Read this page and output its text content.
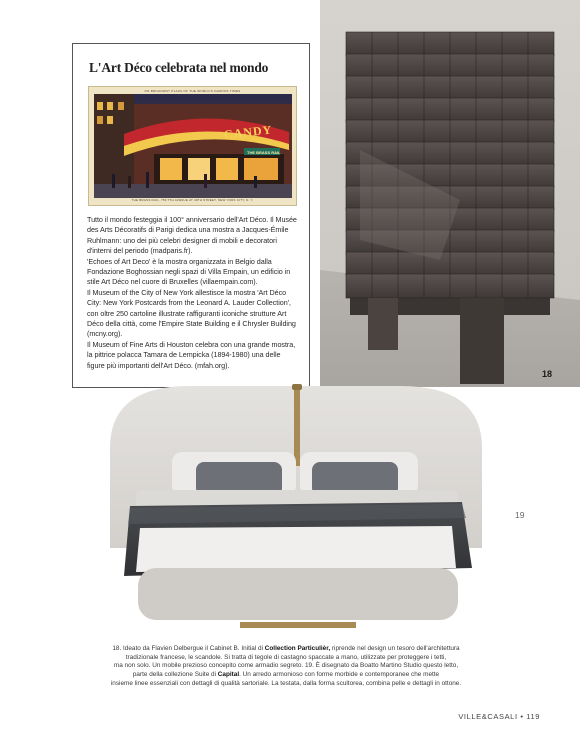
L'Art Déco celebrata nel mondo
ON BROADWAY PLAZA OF THE WORLD'S FAMOUS TIMES
CANDY
THE BRASS RAIL
THE BRASS RAIL, 750 7TH AVENUE AT 49TH STREET, NEW YORK CITY, N. Y.

Tutto il mondo festeggia il 100° anniversario dell'Art Déco. Il Musée des Arts Décoratifs di Parigi dedica una mostra a Jacques-Émile Ruhlmann: uno dei più celebri designer di mobili e decoratori d'interni del periodo (madparis.fr).

'Echoes of Art Deco' è la mostra organizzata in Belgio dalla Fondazione Boghossian negli spazi di Villa Empain, un edificio in stile Art Déco nel cuore di Bruxelles (villaempain.com).

Il Museum of the City of New York allestisce la mostra 'Art Déco City: New York Postcards from the Leonard A. Lauder Collection', con oltre 250 cartoline illustrate raffiguranti iconiche strutture Art Déco della città, come l'Empire State Building e il Chrysler Building (mcny.org).

Il Museum of Fine Arts di Houston celebra con una grande mostra, la pittrice polacca Tamara de Lempicka (1894-1980) una delle figure più importanti dell'Art Déco. (mfah.org).

18
19
18. Ideato da Flavien Delbergue il Cabinet B. Initial di Collection Particulièr, riprende nel design un tesoro dell'architettura
tradizionale francese, le scandole. Si tratta di tegole di castagno spaccate a mano, utilizzate per proteggere i tetti,
ma non solo. Un mobile prezioso concepito come armadio segreto. 19. È disegnato da Boatto Martino Studio questo letto,
parte della collezione Suite di Capital. Un arredo armonioso con forme morbide e contemporanee che mette
insieme linee essenziali con dettagli di qualità sartoriale. La testata, dalla forma scultorea, combina pelle e dettagli in ottone.
VILLE&CASALI • 119
